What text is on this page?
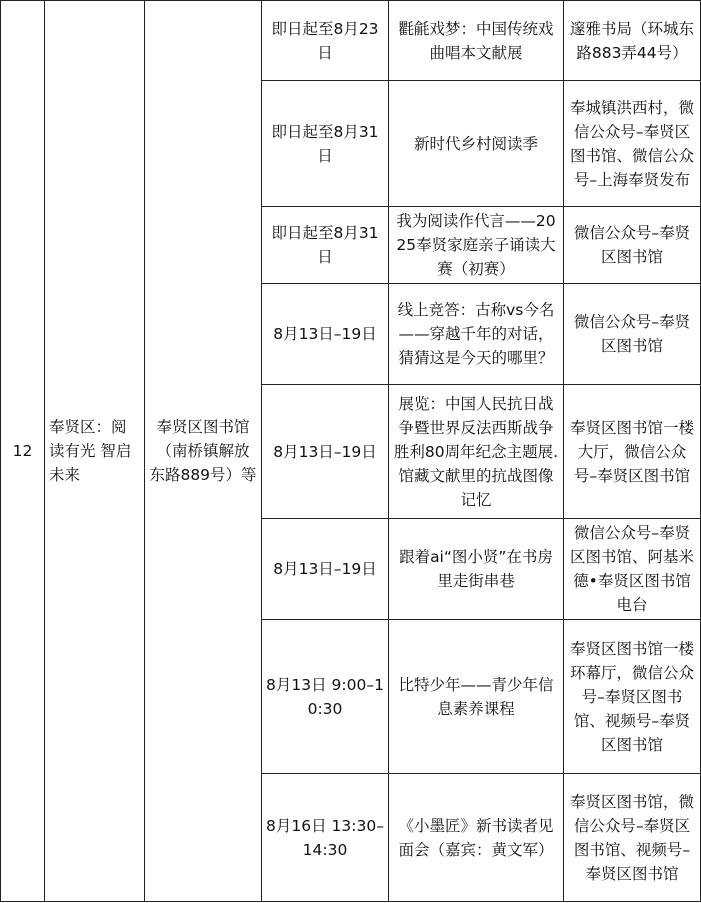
12	奉贤区：阅读有光 智启未来	奉贤区图书馆（南桥镇解放东路889号）等	即日起至8月23日	氍毹戏梦：中国传统戏曲唱本文献展	邃雅书局（环城东路883弄44号）
			即日起至8月31日	新时代乡村阅读季	奉城镇洪西村，微信公众号–奉贤区图书馆、微信公众号–上海奉贤发布
			即日起至8月31日	我为阅读作代言——2025奉贤家庭亲子诵读大赛（初赛）	微信公众号–奉贤区图书馆
			8月13日–19日	线上竞答：古称vs今名——穿越千年的对话，猜猜这是今天的哪里？	微信公众号–奉贤区图书馆
			8月13日–19日	展览：中国人民抗日战争暨世界反法西斯战争胜利80周年纪念主题展.馆藏文献里的抗战图像记忆	奉贤区图书馆一楼大厅，微信公众号–奉贤区图书馆
			8月13日–19日	跟着ai“图小贤”在书房里走街串巷	微信公众号–奉贤区图书馆、阿基米德•奉贤区图书馆电台
			8月13日 9:00–10:30	比特少年——青少年信息素养课程	奉贤区图书馆一楼环幕厅，微信公众号–奉贤区图书馆、视频号–奉贤区图书馆
			8月16日 13:30–14:30	《小墨匠》新书读者见面会（嘉宾：黄文军）	奉贤区图书馆，微信公众号–奉贤区图书馆、视频号–奉贤区图书馆
